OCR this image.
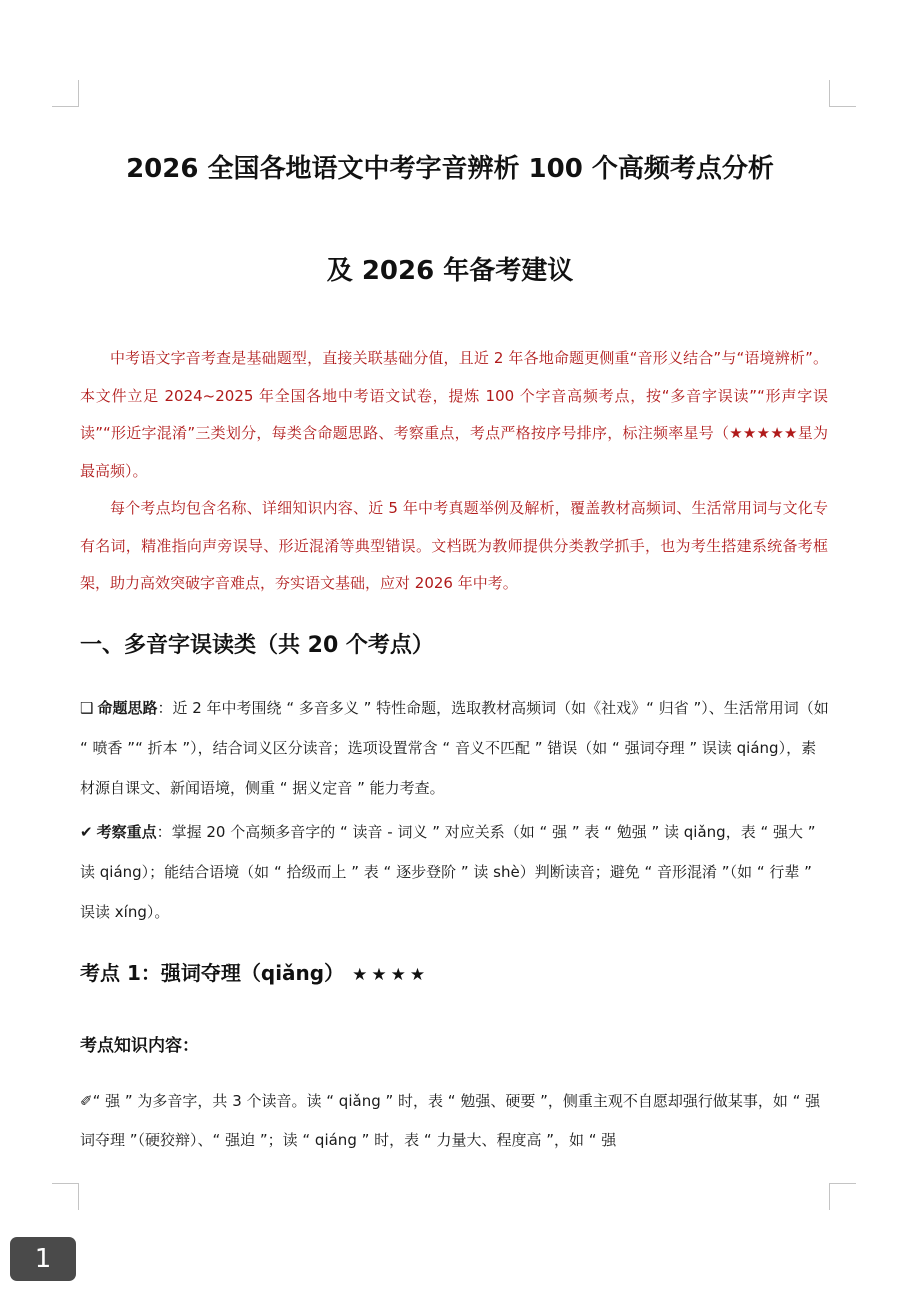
2026 全国各地语文中考字音辨析 100 个高频考点分析
及 2026 年备考建议

中考语文字音考查是基础题型，直接关联基础分值，且近 2 年各地命题更侧重“音形义结合”与“语境辨析”。本文件立足 2024~2025 年全国各地中考语文试卷，提炼 100 个字音高频考点，按“多音字误读”“形声字误读”“形近字混淆”三类划分，每类含命题思路、考察重点，考点严格按序号排序，标注频率星号（★★★★★星为最高频）。

每个考点均包含名称、详细知识内容、近 5 年中考真题举例及解析，覆盖教材高频词、生活常用词与文化专有名词，精准指向声旁误导、形近混淆等典型错误。文档既为教师提供分类教学抓手，也为考生搭建系统备考框架，助力高效突破字音难点，夯实语文基础，应对 2026 年中考。

一、多音字误读类（共 20 个考点）

❑ 命题思路：近 2 年中考围绕 “ 多音多义 ” 特性命题，选取教材高频词（如《社戏》“ 归省 ”）、生活常用词（如 “ 喷香 ”“ 折本 ”），结合词义区分读音；选项设置常含 “ 音义不匹配 ” 错误（如 “ 强词夺理 ” 误读 qiáng），素材源自课文、新闻语境，侧重 “ 据义定音 ” 能力考查。

✔ 考察重点：掌握 20 个高频多音字的 “ 读音 - 词义 ” 对应关系（如 “ 强 ” 表 “ 勉强 ” 读 qiǎng，表 “ 强大 ” 读 qiáng）；能结合语境（如 “ 拾级而上 ” 表 “ 逐步登阶 ” 读 shè）判断读音；避免 “ 音形混淆 ”（如 “ 行辈 ” 误读 xíng）。

考点 1：强词夺理（qiǎng） ★★★★
考点知识内容：

✐“ 强 ” 为多音字，共 3 个读音。读 “ qiǎng ” 时，表 “ 勉强、硬要 ”，侧重主观不自愿却强行做某事，如 “ 强词夺理 ”（硬狡辩）、“ 强迫 ”；读 “ qiáng ” 时，表 “ 力量大、程度高 ”，如 “ 强

1
